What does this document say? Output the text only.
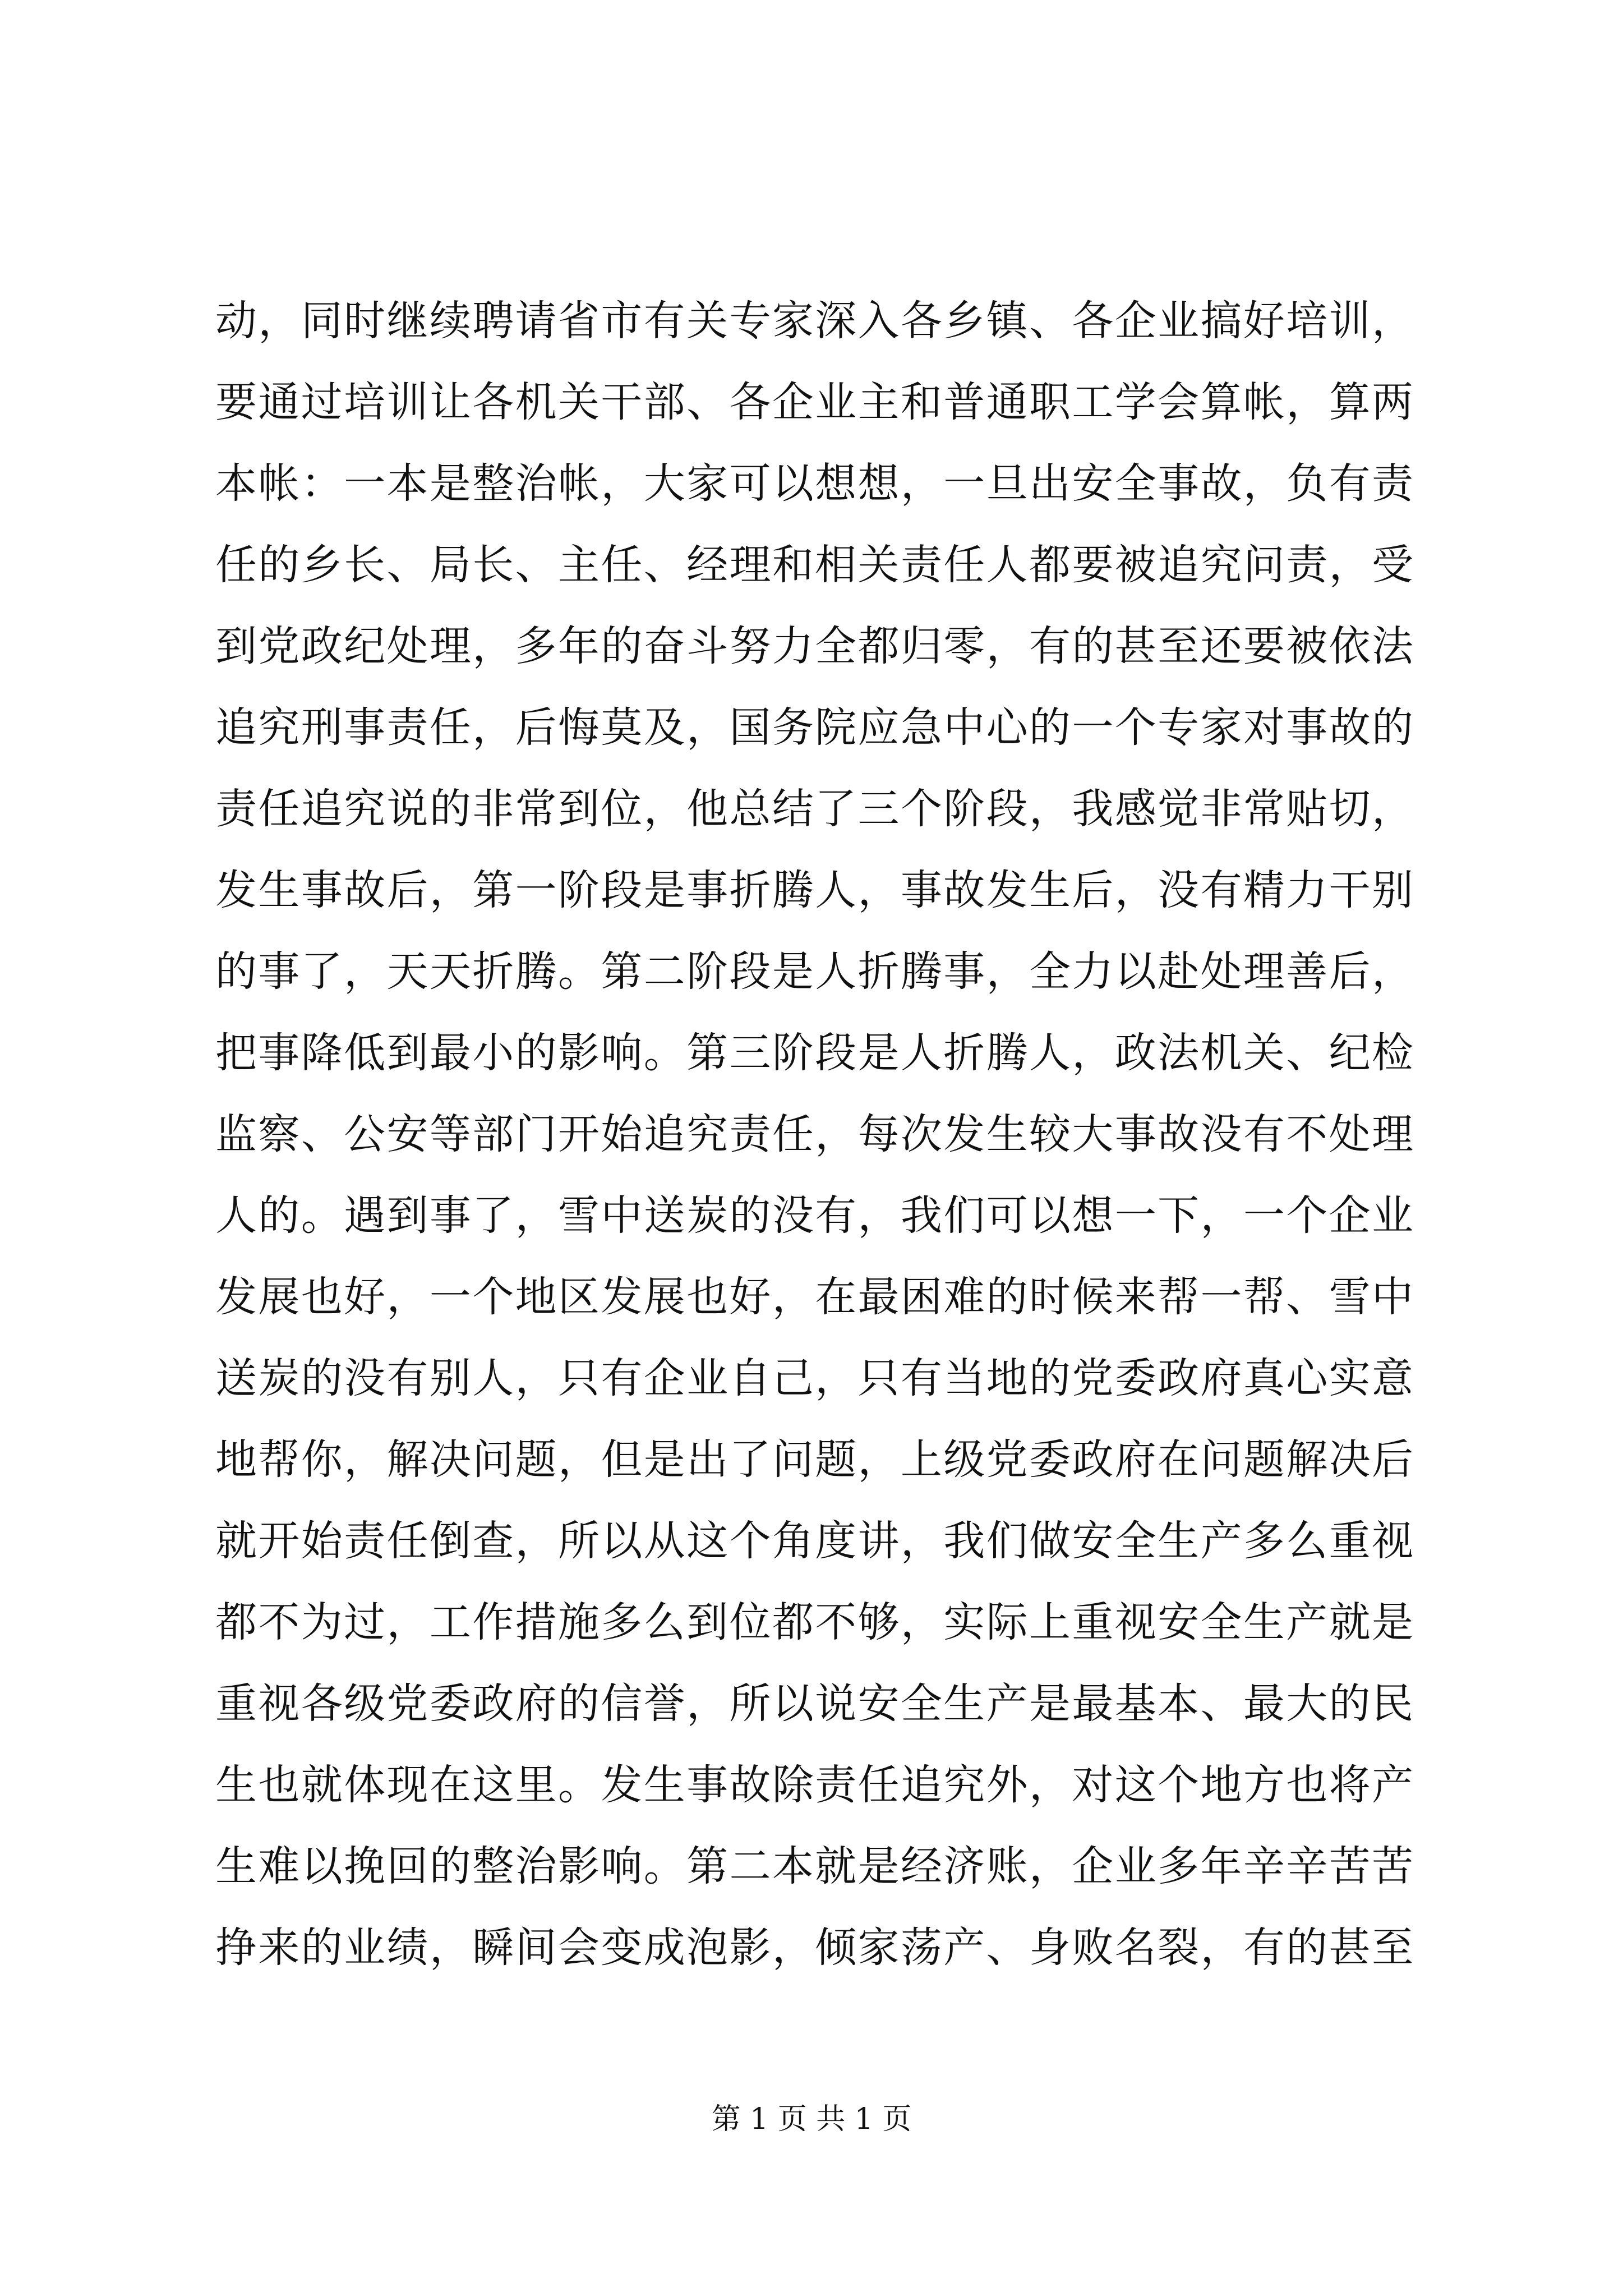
动，同时继续聘请省市有关专家深入各乡镇、各企业搞好培训，
要通过培训让各机关干部、各企业主和普通职工学会算帐，算两
本帐：一本是整治帐，大家可以想想，一旦出安全事故，负有责
任的乡长、局长、主任、经理和相关责任人都要被追究问责，受
到党政纪处理，多年的奋斗努力全都归零，有的甚至还要被依法
追究刑事责任，后悔莫及，国务院应急中心的一个专家对事故的
责任追究说的非常到位，他总结了三个阶段，我感觉非常贴切，
发生事故后，第一阶段是事折腾人，事故发生后，没有精力干别
的事了，天天折腾。第二阶段是人折腾事，全力以赴处理善后，
把事降低到最小的影响。第三阶段是人折腾人，政法机关、纪检
监察、公安等部门开始追究责任，每次发生较大事故没有不处理
人的。遇到事了，雪中送炭的没有，我们可以想一下，一个企业
发展也好，一个地区发展也好，在最困难的时候来帮一帮、雪中
送炭的没有别人，只有企业自己，只有当地的党委政府真心实意
地帮你，解决问题，但是出了问题，上级党委政府在问题解决后
就开始责任倒查，所以从这个角度讲，我们做安全生产多么重视
都不为过，工作措施多么到位都不够，实际上重视安全生产就是
重视各级党委政府的信誉，所以说安全生产是最基本、最大的民
生也就体现在这里。发生事故除责任追究外，对这个地方也将产
生难以挽回的整治影响。第二本就是经济账，企业多年辛辛苦苦
挣来的业绩，瞬间会变成泡影，倾家荡产、身败名裂，有的甚至
第 1 页 共 1 页
